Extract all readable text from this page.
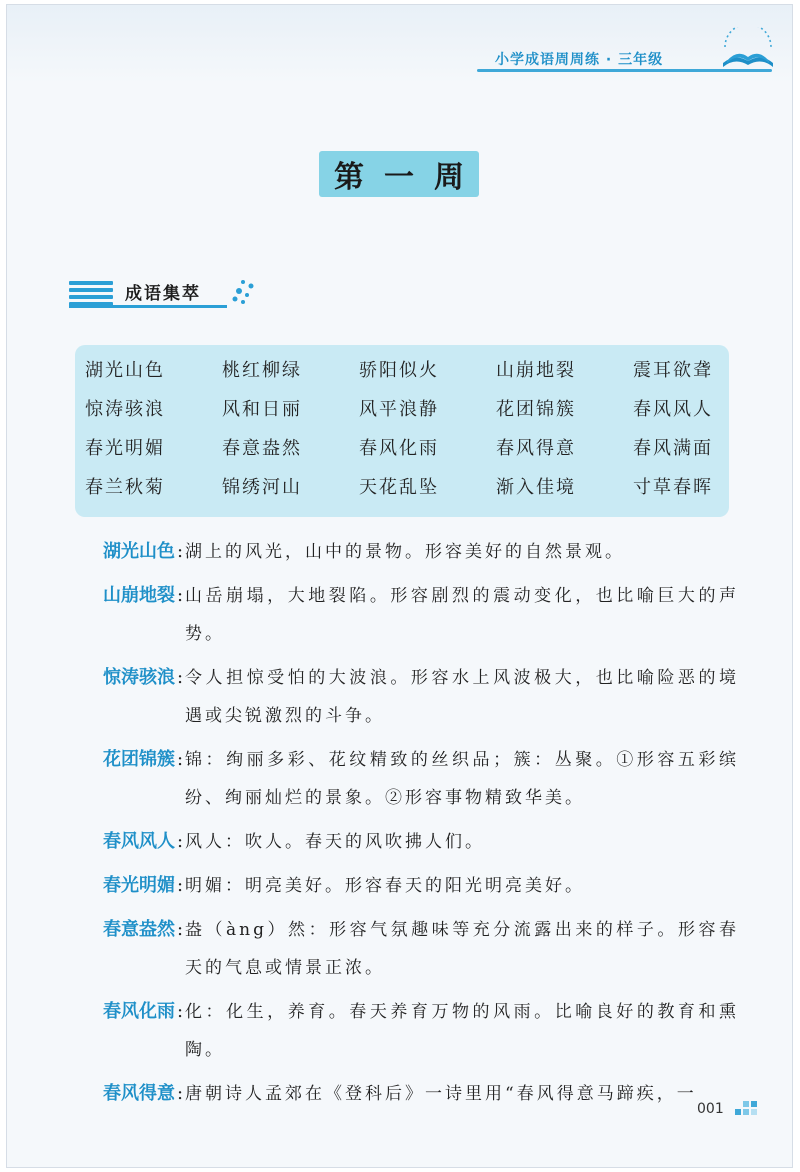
小学成语周周练 · 三年级
第一周
成语集萃
湖光山色	桃红柳绿	骄阳似火	山崩地裂	震耳欲聋
惊涛骇浪	风和日丽	风平浪静	花团锦簇	春风风人
春光明媚	春意盎然	春风化雨	春风得意	春风满面
春兰秋菊	锦绣河山	天花乱坠	渐入佳境	寸草春晖
湖光山色 : 湖上的风光，山中的景物。形容美好的自然景观。
山崩地裂 : 山岳崩塌，大地裂陷。形容剧烈的震动变化，也比喻巨大的声势。
惊涛骇浪 : 令人担惊受怕的大波浪。形容水上风波极大，也比喻险恶的境遇或尖锐激烈的斗争。
花团锦簇 : 锦：绚丽多彩、花纹精致的丝织品；簇：丛聚。①形容五彩缤纷、绚丽灿烂的景象。②形容事物精致华美。
春风风人 : 风人：吹人。春天的风吹拂人们。
春光明媚 : 明媚：明亮美好。形容春天的阳光明亮美好。
春意盎然 : 盎（àng）然：形容气氛趣味等充分流露出来的样子。形容春天的气息或情景正浓。
春风化雨 : 化：化生，养育。春天养育万物的风雨。比喻良好的教育和熏陶。
春风得意 : 唐朝诗人孟郊在《登科后》一诗里用“春风得意马蹄疾，一
001
